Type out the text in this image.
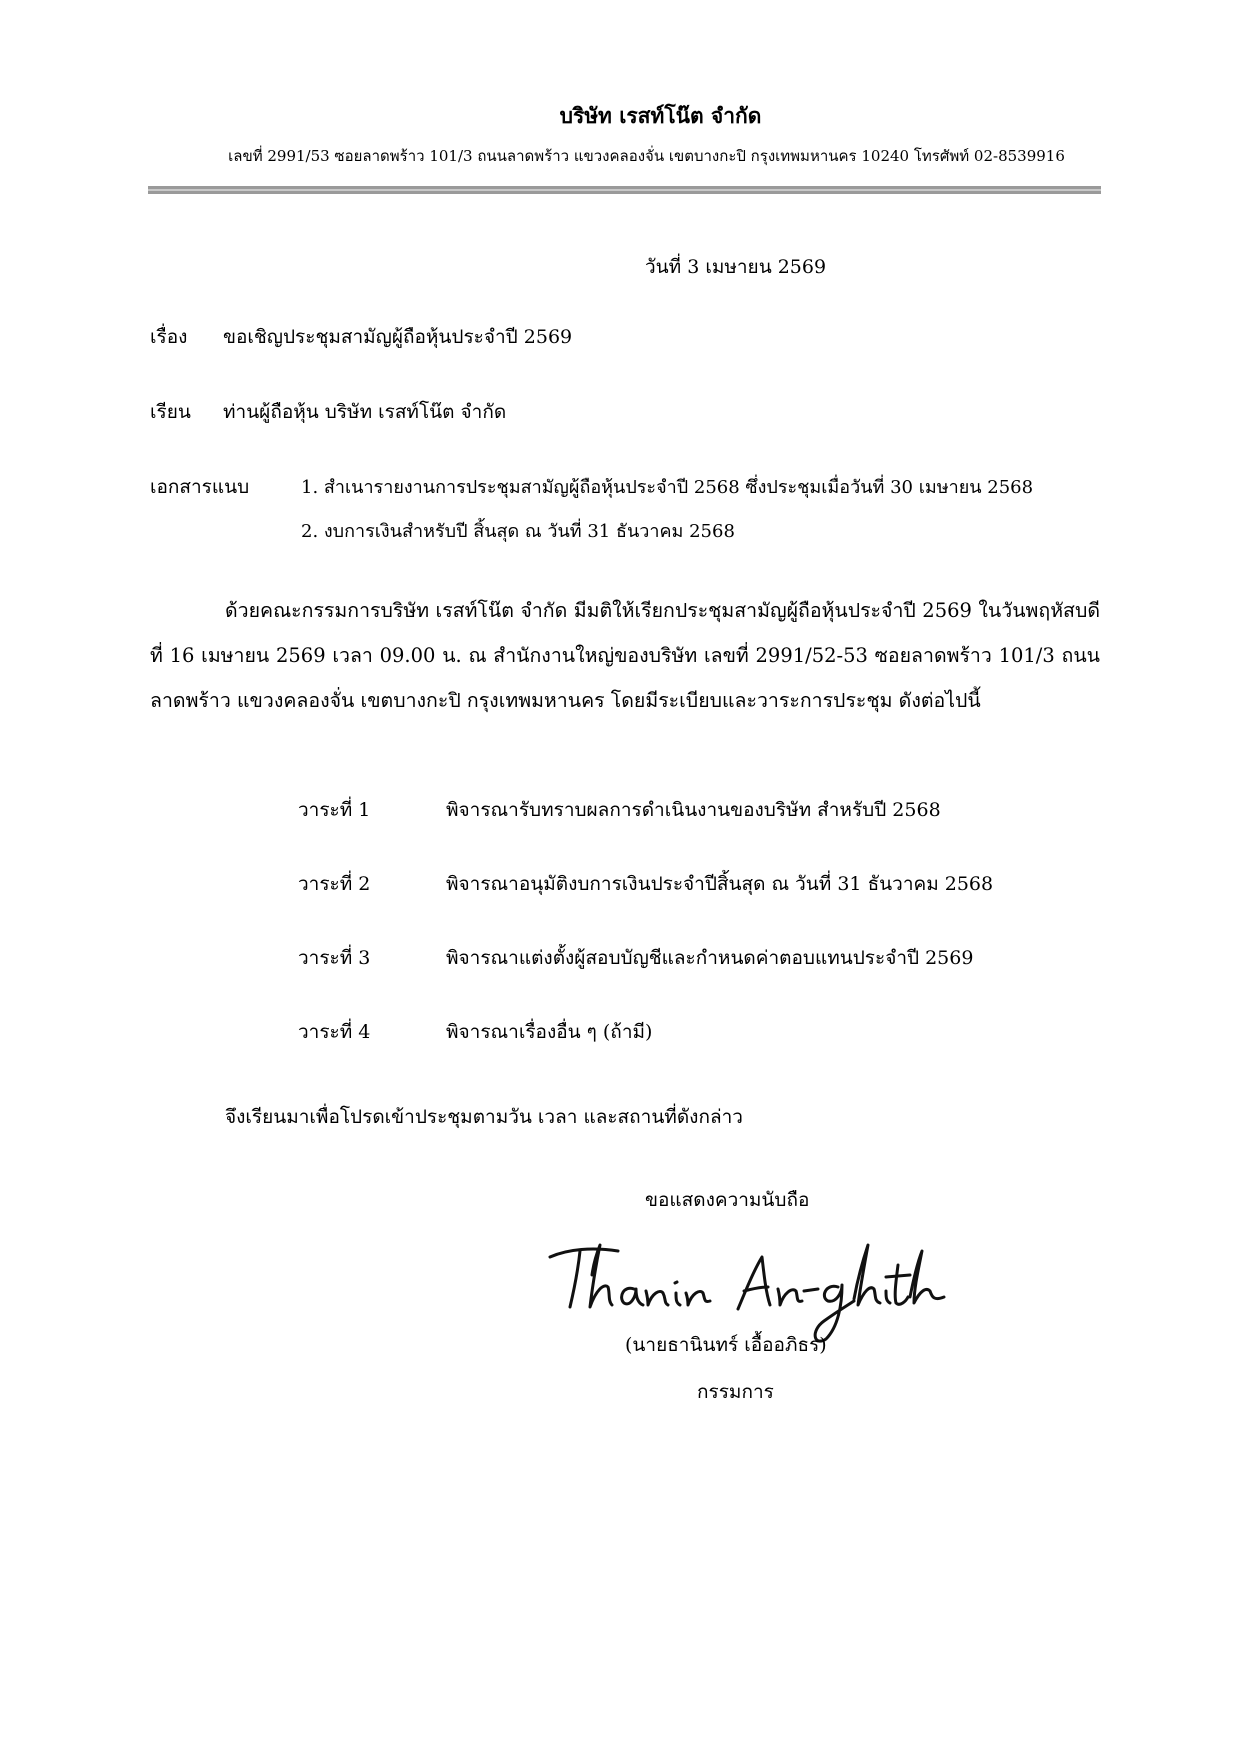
บริษัท เรสท์โน๊ต จำกัด
เลขที่ 2991/53 ซอยลาดพร้าว 101/3 ถนนลาดพร้าว แขวงคลองจั่น เขตบางกะปิ กรุงเทพมหานคร 10240 โทรศัพท์ 02-8539916
วันที่ 3 เมษายน 2569
เรื่อง ขอเชิญประชุมสามัญผู้ถือหุ้นประจำปี 2569
เรียน ท่านผู้ถือหุ้น บริษัท เรสท์โน๊ต จำกัด
เอกสารแนบ	1. สำเนารายงานการประชุมสามัญผู้ถือหุ้นประจำปี 2568 ซึ่งประชุมเมื่อวันที่ 30 เมษายน 2568
2. งบการเงินสำหรับปี สิ้นสุด ณ วันที่ 31 ธันวาคม 2568
ด้วยคณะกรรมการบริษัท เรสท์โน๊ต จำกัด มีมติให้เรียกประชุมสามัญผู้ถือหุ้นประจำปี 2569 ในวันพฤหัสบดี ที่ 16 เมษายน 2569 เวลา 09.00 น. ณ สำนักงานใหญ่ของบริษัท เลขที่ 2991/52-53 ซอยลาดพร้าว 101/3 ถนนลาดพร้าว แขวงคลองจั่น เขตบางกะปิ กรุงเทพมหานคร โดยมีระเบียบและวาระการประชุม ดังต่อไปนี้
วาระที่ 1	พิจารณารับทราบผลการดำเนินงานของบริษัท สำหรับปี 2568
วาระที่ 2	พิจารณาอนุมัติงบการเงินประจำปีสิ้นสุด ณ วันที่ 31 ธันวาคม 2568
วาระที่ 3	พิจารณาแต่งตั้งผู้สอบบัญชีและกำหนดค่าตอบแทนประจำปี 2569
วาระที่ 4	พิจารณาเรื่องอื่น ๆ (ถ้ามี)
จึงเรียนมาเพื่อโปรดเข้าประชุมตามวัน เวลา และสถานที่ดังกล่าว
ขอแสดงความนับถือ
(นายธานินทร์ เอื้ออภิธร)
กรรมการ
